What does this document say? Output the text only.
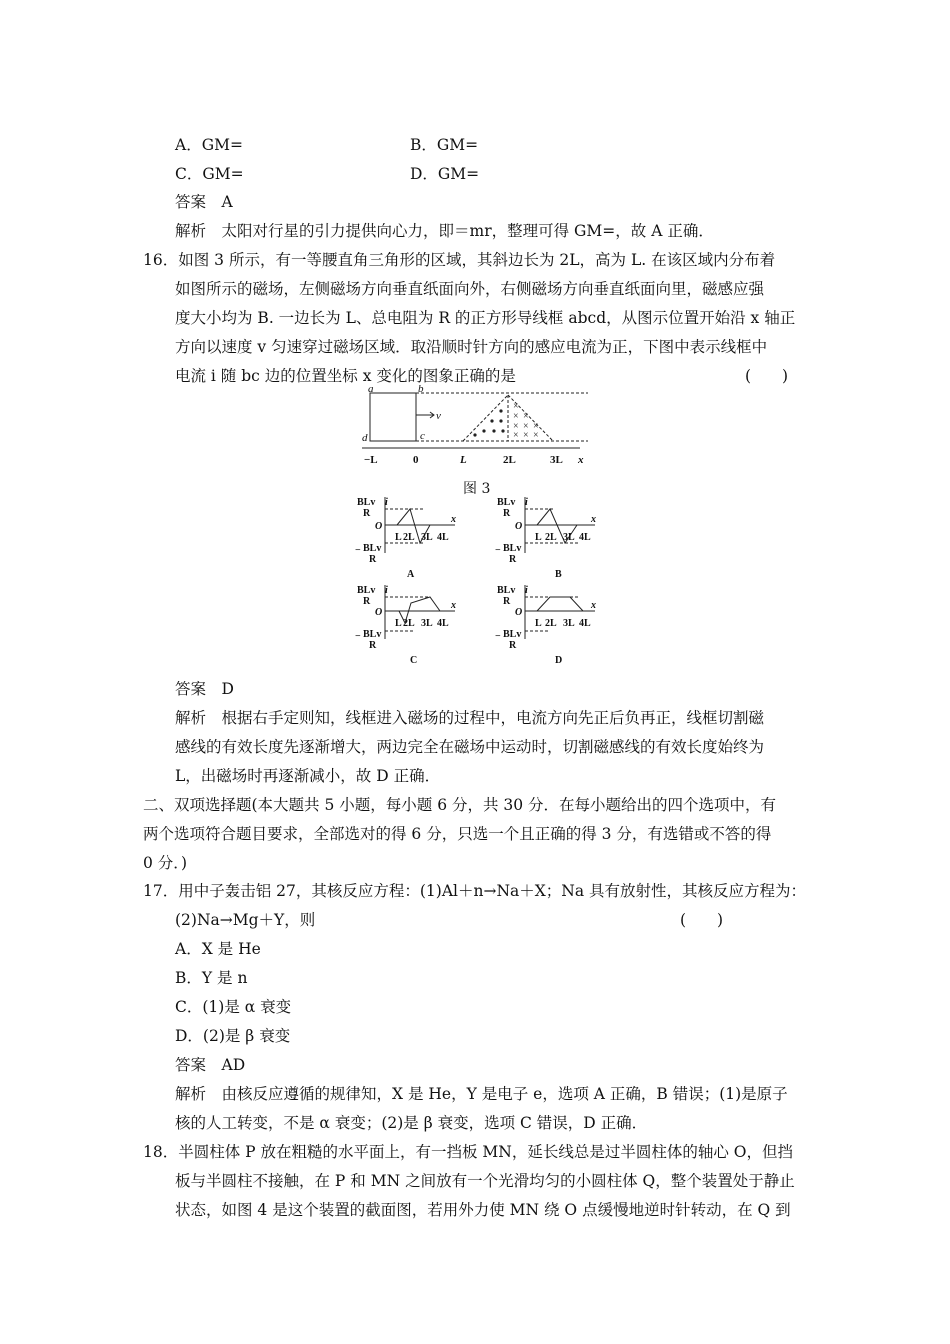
A．GM=	B．GM=
C．GM=	D．GM=
答案　A
解析　太阳对行星的引力提供向心力，即＝mr，整理可得 GM=，故 A 正确．
16．如图 3 所示，有一等腰直角三角形的区域，其斜边长为 2L，高为 L. 在该区域内分布着
如图所示的磁场，左侧磁场方向垂直纸面向外，右侧磁场方向垂直纸面向里，磁感应强
度大小均为 B. 一边长为 L、总电阻为 R 的正方形导线框 abcd，从图示位置开始沿 x 轴正
方向以速度 v 匀速穿过磁场区域．取沿顺时针方向的感应电流为正，下图中表示线框中
电流 i 随 bc 边的位置坐标 x 变化的图象正确的是	(　　)
×
×
×
× × ×
× × ×
a	b
c
d
v
−L	0	L	2L	3L x
图 3
BLv
R
i
− BLv
R
O
x
L 2L 3L 4L
A
BLv
R
i
− BLv
R
O
x
L 2L 3L 4L
B
BLv
R
i
− BLv
R
O
x
L 2L 3L 4L
C
BLv
R
i
− BLv
R
O
x
L 2L 3L 4L
D
答案　D
解析　根据右手定则知，线框进入磁场的过程中，电流方向先正后负再正，线框切割磁
感线的有效长度先逐渐增大，两边完全在磁场中运动时，切割磁感线的有效长度始终为
L，出磁场时再逐渐减小，故 D 正确．
二、双项选择题(本大题共 5 小题，每小题 6 分，共 30 分．在每小题给出的四个选项中，有
两个选项符合题目要求，全部选对的得 6 分，只选一个且正确的得 3 分，有选错或不答的得
0 分．)
17．用中子轰击铝 27，其核反应方程：(1)Al＋n→Na＋X；Na 具有放射性，其核反应方程为：
(2)Na→Mg＋Y，则	(　　)
A．X 是 He
B．Y 是 n
C．(1)是 α 衰变
D．(2)是 β 衰变
答案　AD
解析　由核反应遵循的规律知，X 是 He，Y 是电子 e，选项 A 正确，B 错误；(1)是原子
核的人工转变，不是 α 衰变；(2)是 β 衰变，选项 C 错误，D 正确．
18．半圆柱体 P 放在粗糙的水平面上，有一挡板 MN，延长线总是过半圆柱体的轴心 O，但挡
板与半圆柱不接触，在 P 和 MN 之间放有一个光滑均匀的小圆柱体 Q，整个装置处于静止
状态，如图 4 是这个装置的截面图，若用外力使 MN 绕 O 点缓慢地逆时针转动，在 Q 到
